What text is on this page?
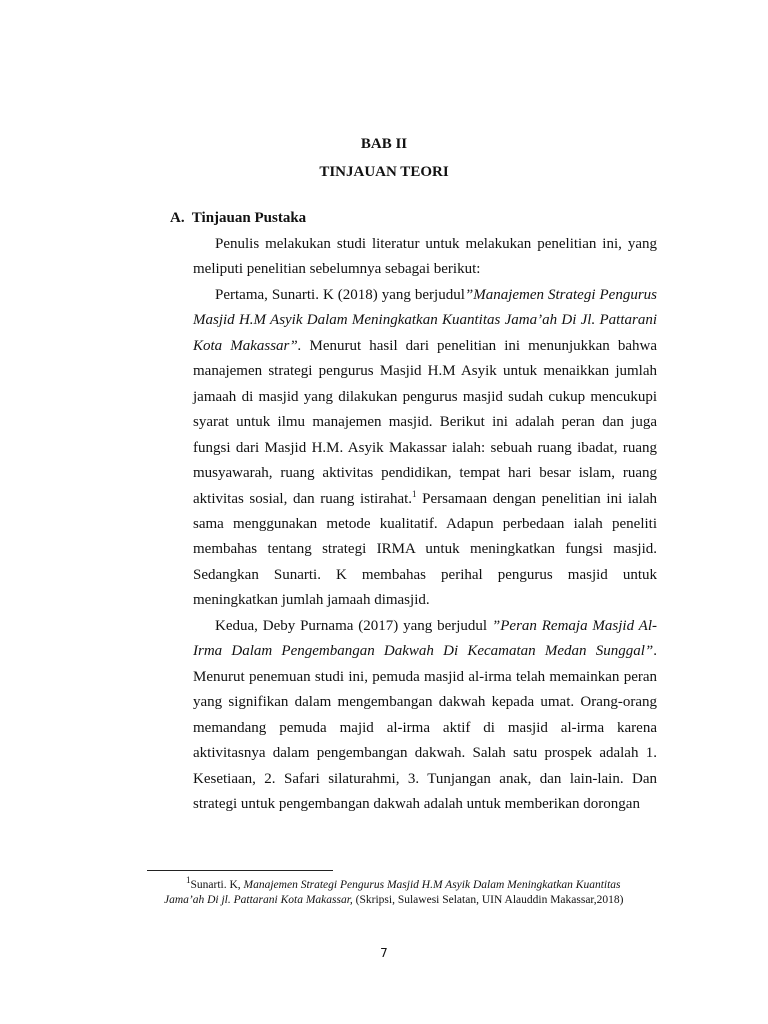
BAB II
TINJAUAN TEORI
A.  Tinjauan Pustaka

Penulis melakukan studi literatur untuk melakukan penelitian ini, yang meliputi penelitian sebelumnya sebagai berikut:

Pertama, Sunarti. K (2018) yang berjudul”Manajemen Strategi Pengurus Masjid H.M Asyik Dalam Meningkatkan Kuantitas Jama’ah Di Jl. Pattarani Kota Makassar”. Menurut hasil dari penelitian ini menunjukkan bahwa manajemen strategi pengurus Masjid H.M Asyik untuk menaikkan jumlah jamaah di masjid yang dilakukan pengurus masjid sudah cukup mencukupi syarat untuk ilmu manajemen masjid. Berikut ini adalah peran dan juga fungsi dari Masjid H.M. Asyik Makassar ialah: sebuah ruang ibadat, ruang musyawarah, ruang aktivitas pendidikan, tempat hari besar islam, ruang aktivitas sosial, dan ruang istirahat.$^1$ Persamaan dengan penelitian ini ialah sama menggunakan metode kualitatif. Adapun perbedaan ialah peneliti membahas tentang strategi IRMA untuk meningkatkan fungsi masjid. Sedangkan Sunarti. K membahas perihal pengurus masjid untuk meningkatkan jumlah jamaah dimasjid.

Kedua, Deby Purnama (2017) yang berjudul ”Peran Remaja Masjid Al-Irma Dalam Pengembangan Dakwah Di Kecamatan Medan Sunggal”. Menurut penemuan studi ini, pemuda masjid al-irma telah memainkan peran yang signifikan dalam mengembangan dakwah kepada umat. Orang-orang memandang pemuda majid al-irma aktif di masjid al-irma karena aktivitasnya dalam pengembangan dakwah. Salah satu prospek adalah 1. Kesetiaan, 2. Safari silaturahmi, 3. Tunjangan anak, dan lain-lain. Dan strategi untuk pengembangan dakwah adalah untuk memberikan dorongan

$^1$Sunarti. K, Manajemen Strategi Pengurus Masjid H.M Asyik Dalam Meningkatkan Kuantitas Jama’ah Di jl. Pattarani Kota Makassar, (Skripsi, Sulawesi Selatan, UIN Alauddin Makassar,2018)
7
